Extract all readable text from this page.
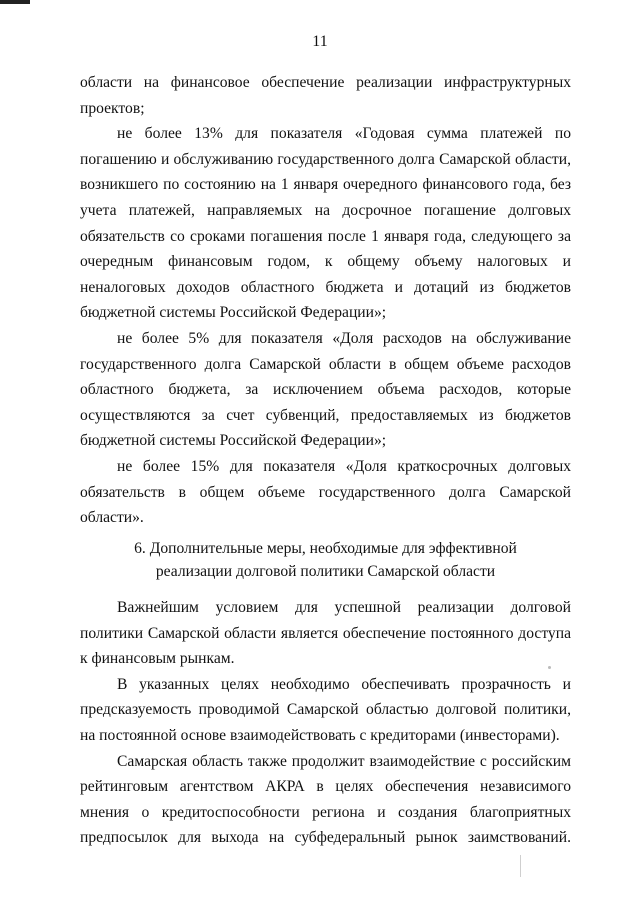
11

области на финансовое обеспечение реализации инфраструктурных проектов;

не более 13% для показателя «Годовая сумма платежей по погашению и обслуживанию государственного долга Самарской области, возникшего по состоянию на 1 января очередного финансового года, без учета платежей, направляемых на досрочное погашение долговых обязательств со сроками погашения после 1 января года, следующего за очередным финансовым годом, к общему объему налоговых и неналоговых доходов областного бюджета и дотаций из бюджетов бюджетной системы Российской Федерации»;

не более 5% для показателя «Доля расходов на обслуживание государственного долга Самарской области в общем объеме расходов областного бюджета, за исключением объема расходов, которые осуществляются за счет субвенций, предоставляемых из бюджетов бюджетной системы Российской Федерации»;

не более 15% для показателя «Доля краткосрочных долговых обязательств в общем объеме государственного долга Самарской области».

6. Дополнительные меры, необходимые для эффективной
реализации долговой политики Самарской области

Важнейшим условием для успешной реализации долговой политики Самарской области является обеспечение постоянного доступа к финансовым рынкам.

В указанных целях необходимо обеспечивать прозрачность и предсказуемость проводимой Самарской областью долговой политики, на постоянной основе взаимодействовать с кредиторами (инвесторами).

Самарская область также продолжит взаимодействие с российским рейтинговым агентством АКРА в целях обеспечения независимого мнения о кредитоспособности региона и создания благоприятных предпосылок для выхода на субфедеральный рынок заимствований.
